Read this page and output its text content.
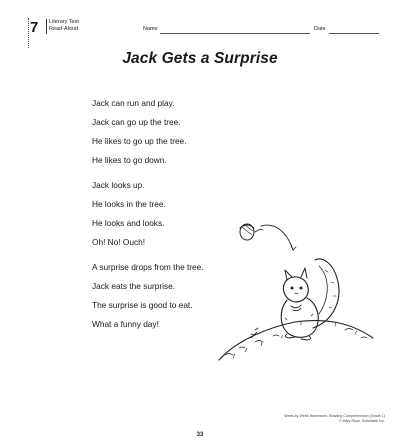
7 Literary Text
Read-Aloud	Name	Date
Jack Gets a Surprise
Jack can run and play.
Jack can go up the tree.
He likes to go up the tree.
He likes to go down.
Jack looks up.
He looks in the tree.
He looks and looks.
Oh! No! Ouch!
A surprise drops from the tree.
Jack eats the surprise.
The surprise is good to eat.
What a funny day!
Week-by-Week Homework: Reading Comprehension (Grade 1)
© Mary Rose, Scholastic Inc.
33
